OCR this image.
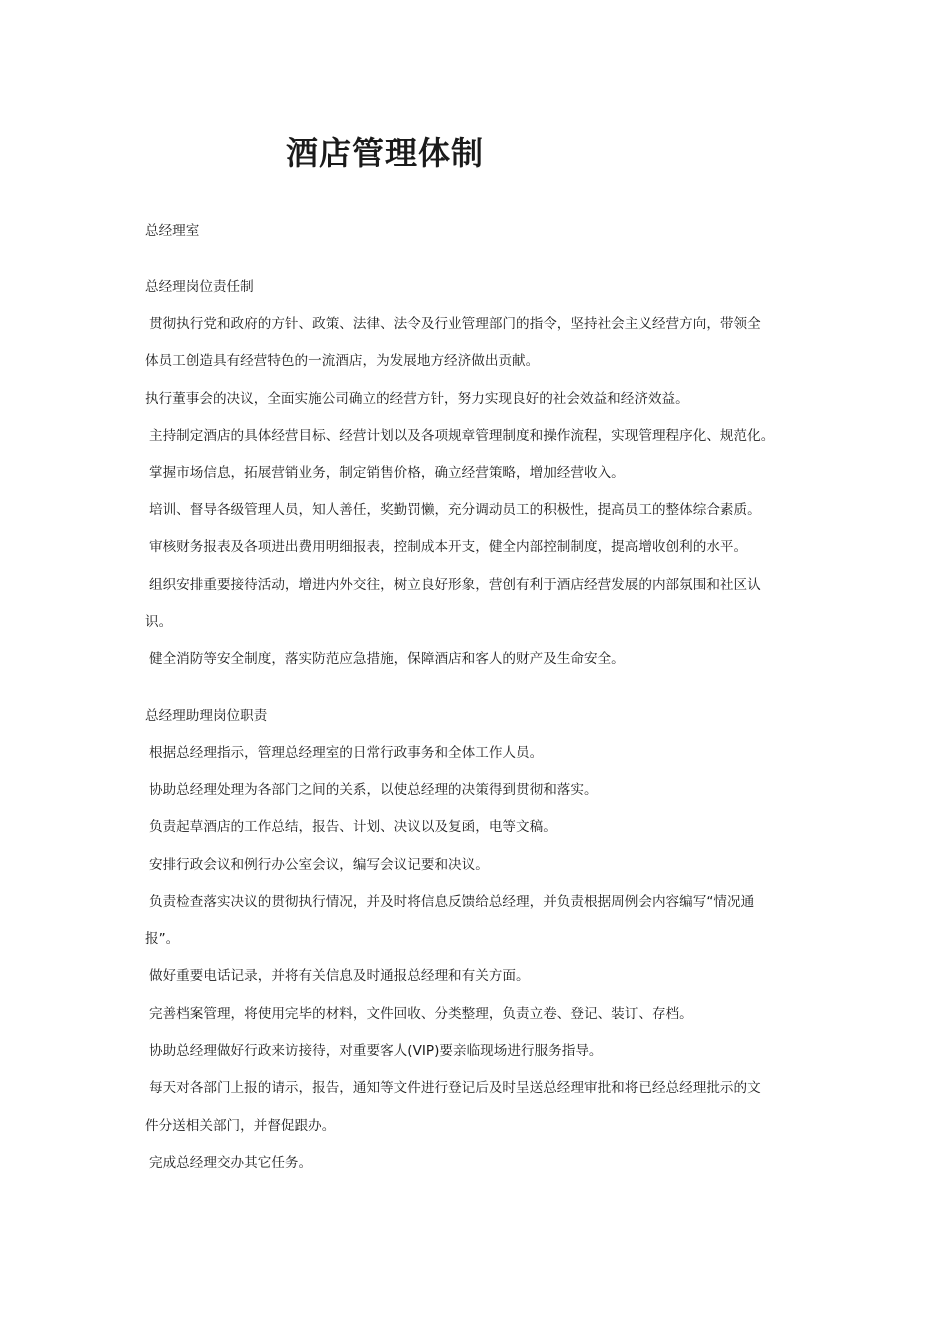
酒店管理体制

总经理室

总经理岗位责任制

贯彻执行党和政府的方针、政策、法律、法令及行业管理部门的指令，坚持社会主义经营方向，带领全

体员工创造具有经营特色的一流酒店，为发展地方经济做出贡献。

执行董事会的决议，全面实施公司确立的经营方针，努力实现良好的社会效益和经济效益。

主持制定酒店的具体经营目标、经营计划以及各项规章管理制度和操作流程，实现管理程序化、规范化。

掌握市场信息，拓展营销业务，制定销售价格，确立经营策略，增加经营收入。

培训、督导各级管理人员，知人善任，奖勤罚懒，充分调动员工的积极性，提高员工的整体综合素质。

审核财务报表及各项进出费用明细报表，控制成本开支，健全内部控制制度，提高增收创利的水平。

组织安排重要接待活动，增进内外交往，树立良好形象，营创有利于酒店经营发展的内部氛围和社区认

识。

健全消防等安全制度，落实防范应急措施，保障酒店和客人的财产及生命安全。

总经理助理岗位职责

根据总经理指示，管理总经理室的日常行政事务和全体工作人员。

协助总经理处理为各部门之间的关系，以使总经理的决策得到贯彻和落实。

负责起草酒店的工作总结，报告、计划、决议以及复函，电等文稿。

安排行政会议和例行办公室会议，编写会议记要和决议。

负责检查落实决议的贯彻执行情况，并及时将信息反馈给总经理，并负责根据周例会内容编写“情况通

报”。

做好重要电话记录，并将有关信息及时通报总经理和有关方面。

完善档案管理，将使用完毕的材料，文件回收、分类整理，负责立卷、登记、装订、存档。

协助总经理做好行政来访接待，对重要客人(VIP)要亲临现场进行服务指导。

每天对各部门上报的请示，报告，通知等文件进行登记后及时呈送总经理审批和将已经总经理批示的文

件分送相关部门，并督促跟办。

完成总经理交办其它任务。
